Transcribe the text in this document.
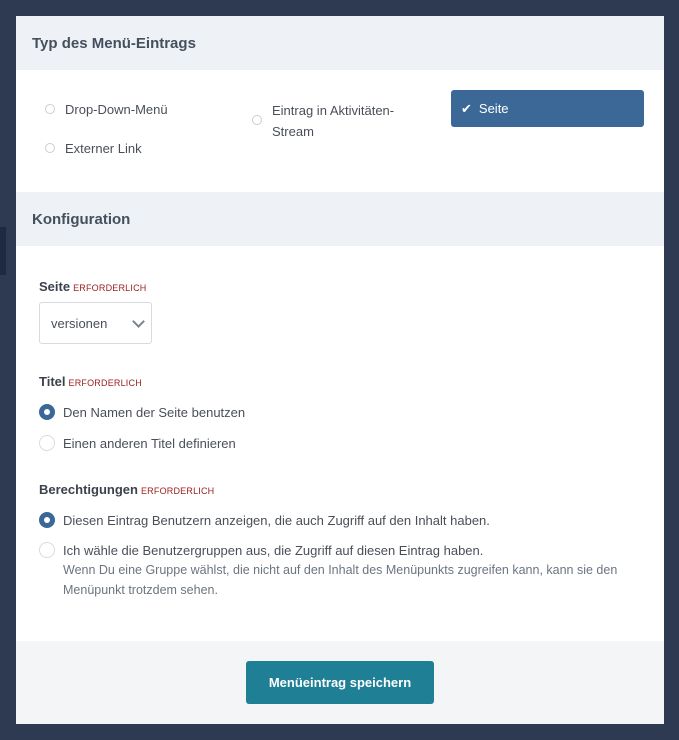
Typ des Menü-Eintrags
Drop-Down-Menü
Externer Link
Eintrag in Aktivitäten-
Stream
✔ Seite
Konfiguration
Seite ERFORDERLICH
versionen
Titel ERFORDERLICH
Den Namen der Seite benutzen
Einen anderen Titel definieren
Berechtigungen ERFORDERLICH
Diesen Eintrag Benutzern anzeigen, die auch Zugriff auf den Inhalt haben.
Ich wähle die Benutzergruppen aus, die Zugriff auf diesen Eintrag haben.
Wenn Du eine Gruppe wählst, die nicht auf den Inhalt des Menüpunkts zugreifen kann, kann sie den
Menüpunkt trotzdem sehen.
Menüeintrag speichern
